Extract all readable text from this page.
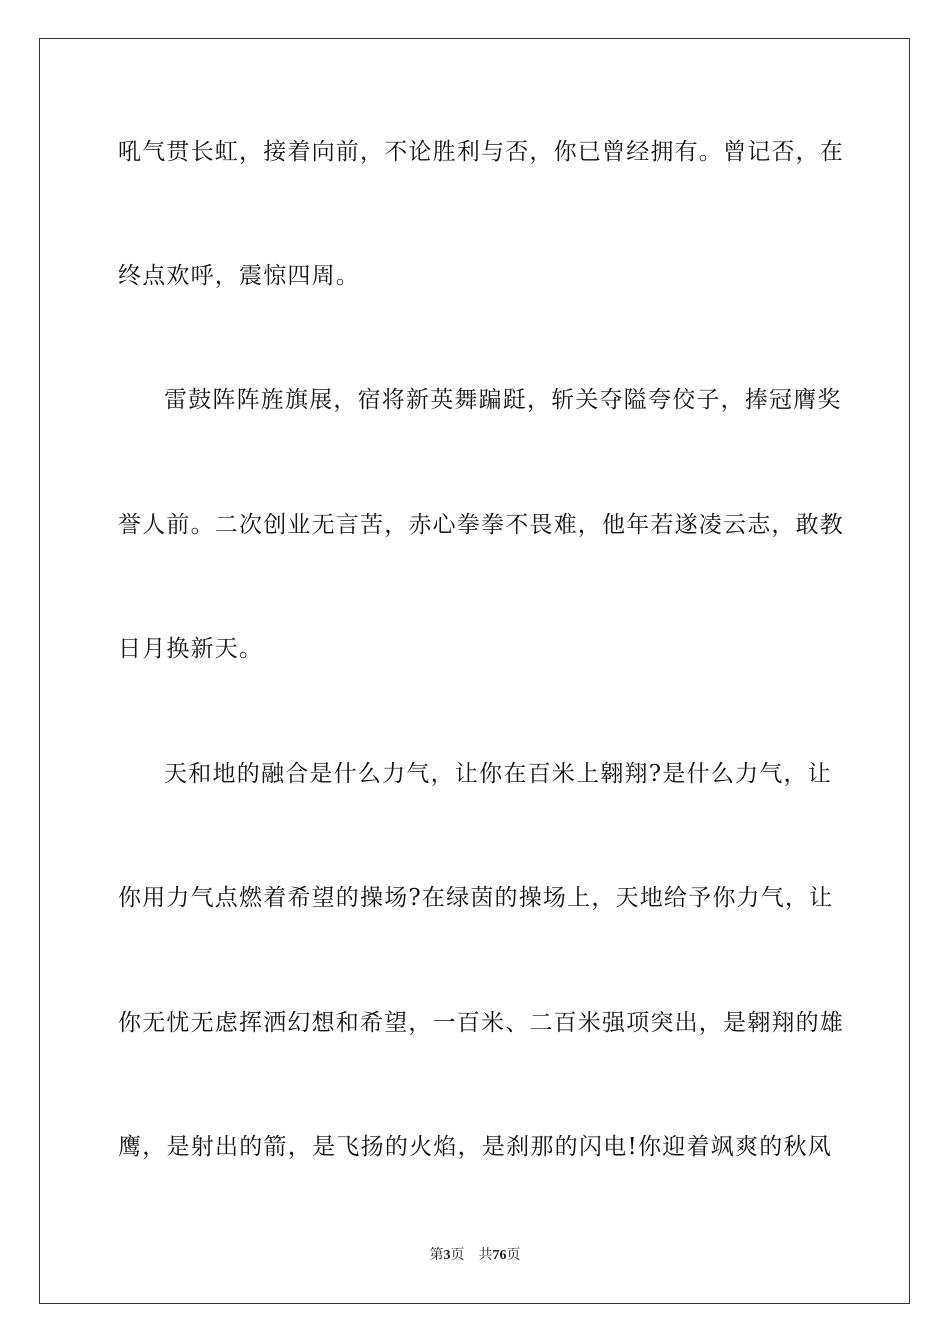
吼气贯长虹，接着向前，不论胜利与否，你已曾经拥有。曾记否，在
终点欢呼，震惊四周。
雷鼓阵阵旌旗展，宿将新英舞蹁跹，斩关夺隘夸佼子，捧冠膺奖
誉人前。二次创业无言苦，赤心拳拳不畏难，他年若遂凌云志，敢教
日月换新天。
天和地的融合是什么力气，让你在百米上翱翔?是什么力气，让
你用力气点燃着希望的操场?在绿茵的操场上，天地给予你力气，让
你无忧无虑挥洒幻想和希望，一百米、二百米强项突出，是翱翔的雄
鹰，是射出的箭，是飞扬的火焰，是刹那的闪电!你迎着飒爽的秋风
第3页 共76页
